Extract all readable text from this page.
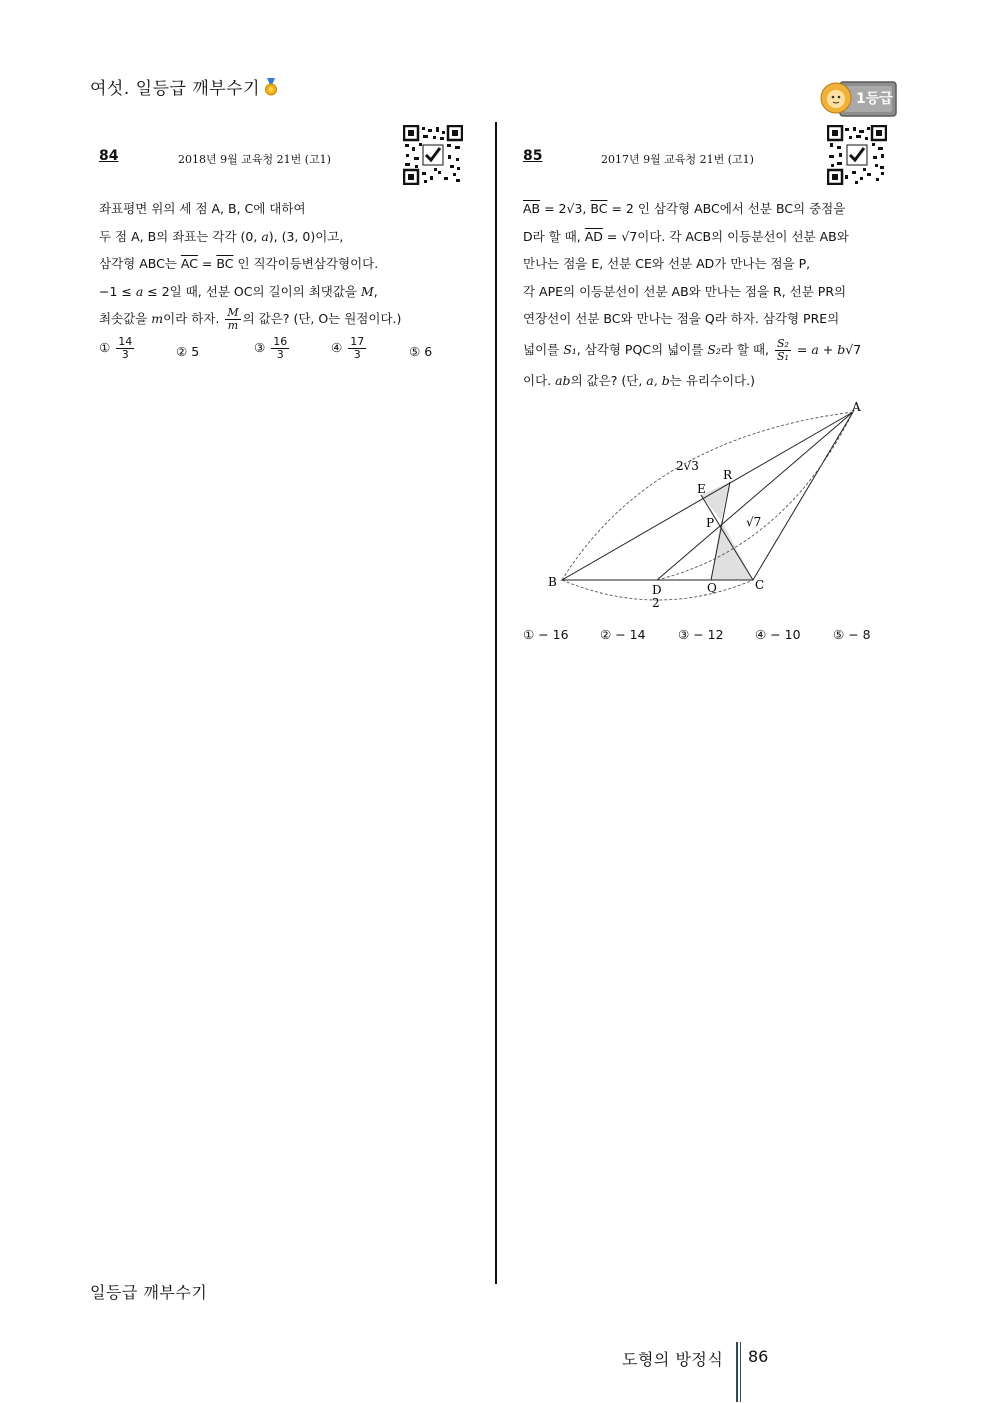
여섯. 일등급 깨부수기	1등급
84	2018년 9월 교육청 21번 (고1)
좌표평면 위의 세 점 A, B, C에 대하여
두 점 A, B의 좌표는 각각 (0, a), (3, 0)이고,
삼각형 ABC는 $\overline{AC} = \overline{BC}$ 인 직각이등변삼각형이다.
−1 ≤ a ≤ 2일 때, 선분 OC의 길이의 최댓값을 M,
최솟값을 m이라 하자. $\frac{M}{m}$ 의 값은? (단, O는 원점이다.)
① $\frac{14}{3}$	② 5	③ $\frac{16}{3}$	④ $\frac{17}{3}$	⑤ 6
85	2017년 9월 교육청 21번 (고1)
$\overline{AB} = 2√3$, $\overline{BC} = 2$ 인 삼각형 ABC에서 선분 BC의 중점을
D라 할 때, $\overline{AD} = √7$이다. 각 ACB의 이등분선이 선분 AB와
만나는 점을 E, 선분 CE와 선분 AD가 만나는 점을 P,
각 APE의 이등분선이 선분 AB와 만나는 점을 R, 선분 PR의
연장선이 선분 BC와 만나는 점을 Q라 하자. 삼각형 PRE의
넓이를 S₁, 삼각형 PQC의 넓이를 S₂라 할 때, $\frac{\text{S₂}}{\text{S₁}} = a + b√7$
이다. ab의 값은? (단, a, b는 유리수이다.)
A
B	C
D	Q
E
R
P
2√3
√7
2
① − 16	② − 14	③ − 12	④ − 10	⑤ − 8
일등급 깨부수기
도형의 방정식 86
